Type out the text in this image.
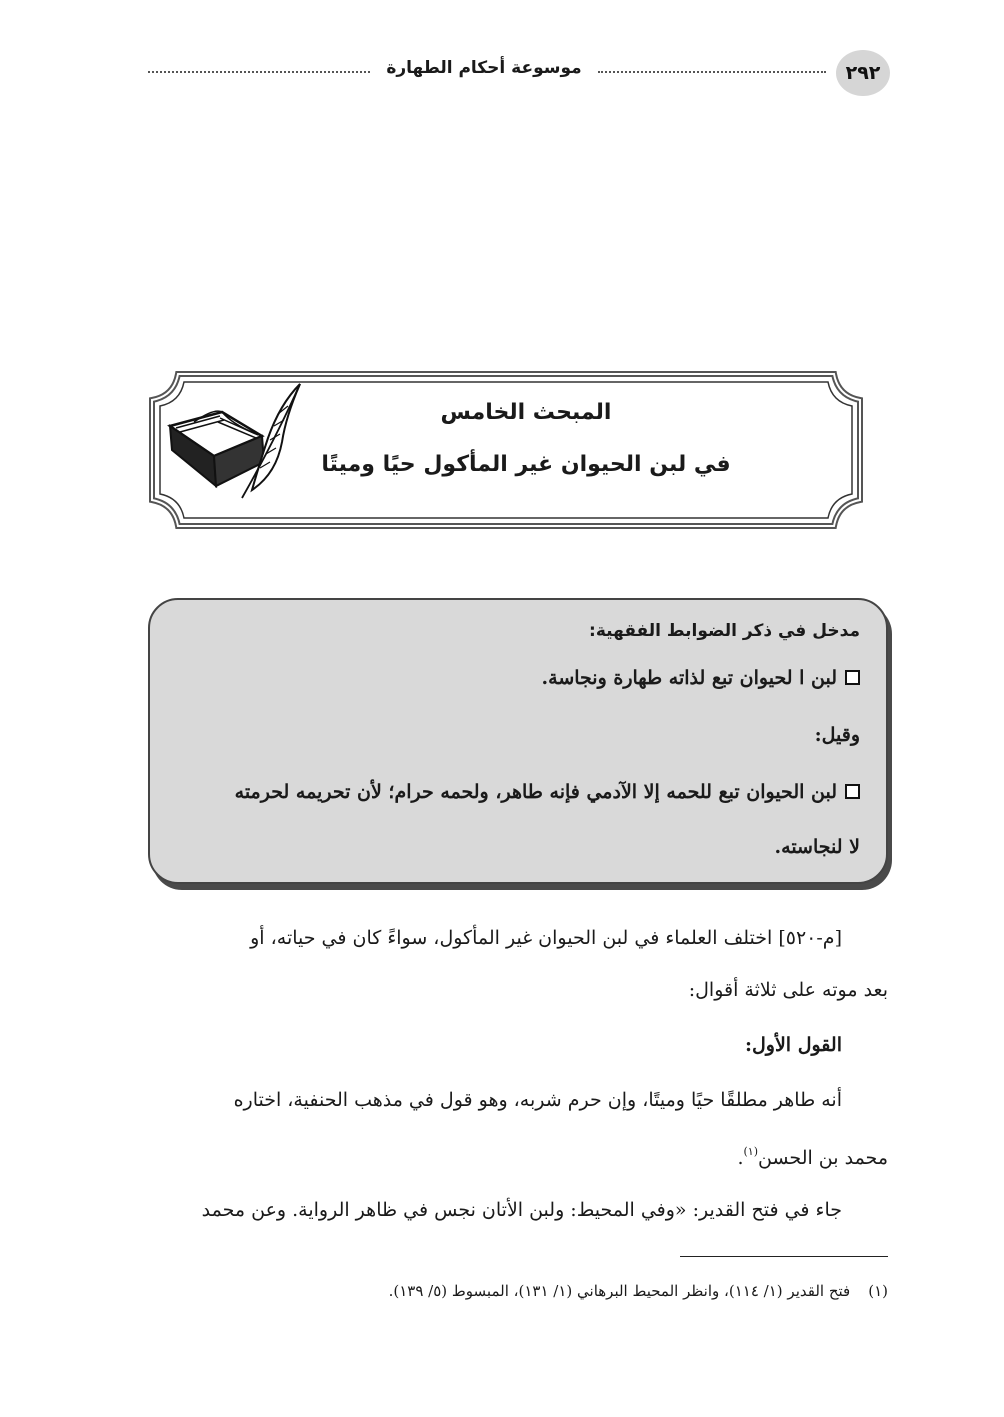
٢٩٢
موسوعة أحكام الطهارة
المبحث الخامس
في لبن الحيوان غير المأكول حيًا وميتًا
مدخل في ذكر الضوابط الفقهية:
لبن ا لحيوان تبع لذاته طهارة ونجاسة.
وقيل:
لبن الحيوان تبع للحمه إلا الآدمي فإنه طاهر، ولحمه حرام؛ لأن تحريمه لحرمته
لا لنجاسته.
[م-٥٢٠] اختلف العلماء في لبن الحيوان غير المأكول، سواءً كان في حياته، أو
بعد موته على ثلاثة أقوال:
القول الأول:
أنه طاهر مطلقًا حيًا وميتًا، وإن حرم شربه، وهو قول في مذهب الحنفية، اختاره
محمد بن الحسن$^{(١)}$.
جاء في فتح القدير: «وفي المحيط: ولبن الأتان نجس في ظاهر الرواية. وعن محمد
(١)فتح القدير (١/ ١١٤)، وانظر المحيط البرهاني (١/ ١٣١)، المبسوط (٥/ ١٣٩).
